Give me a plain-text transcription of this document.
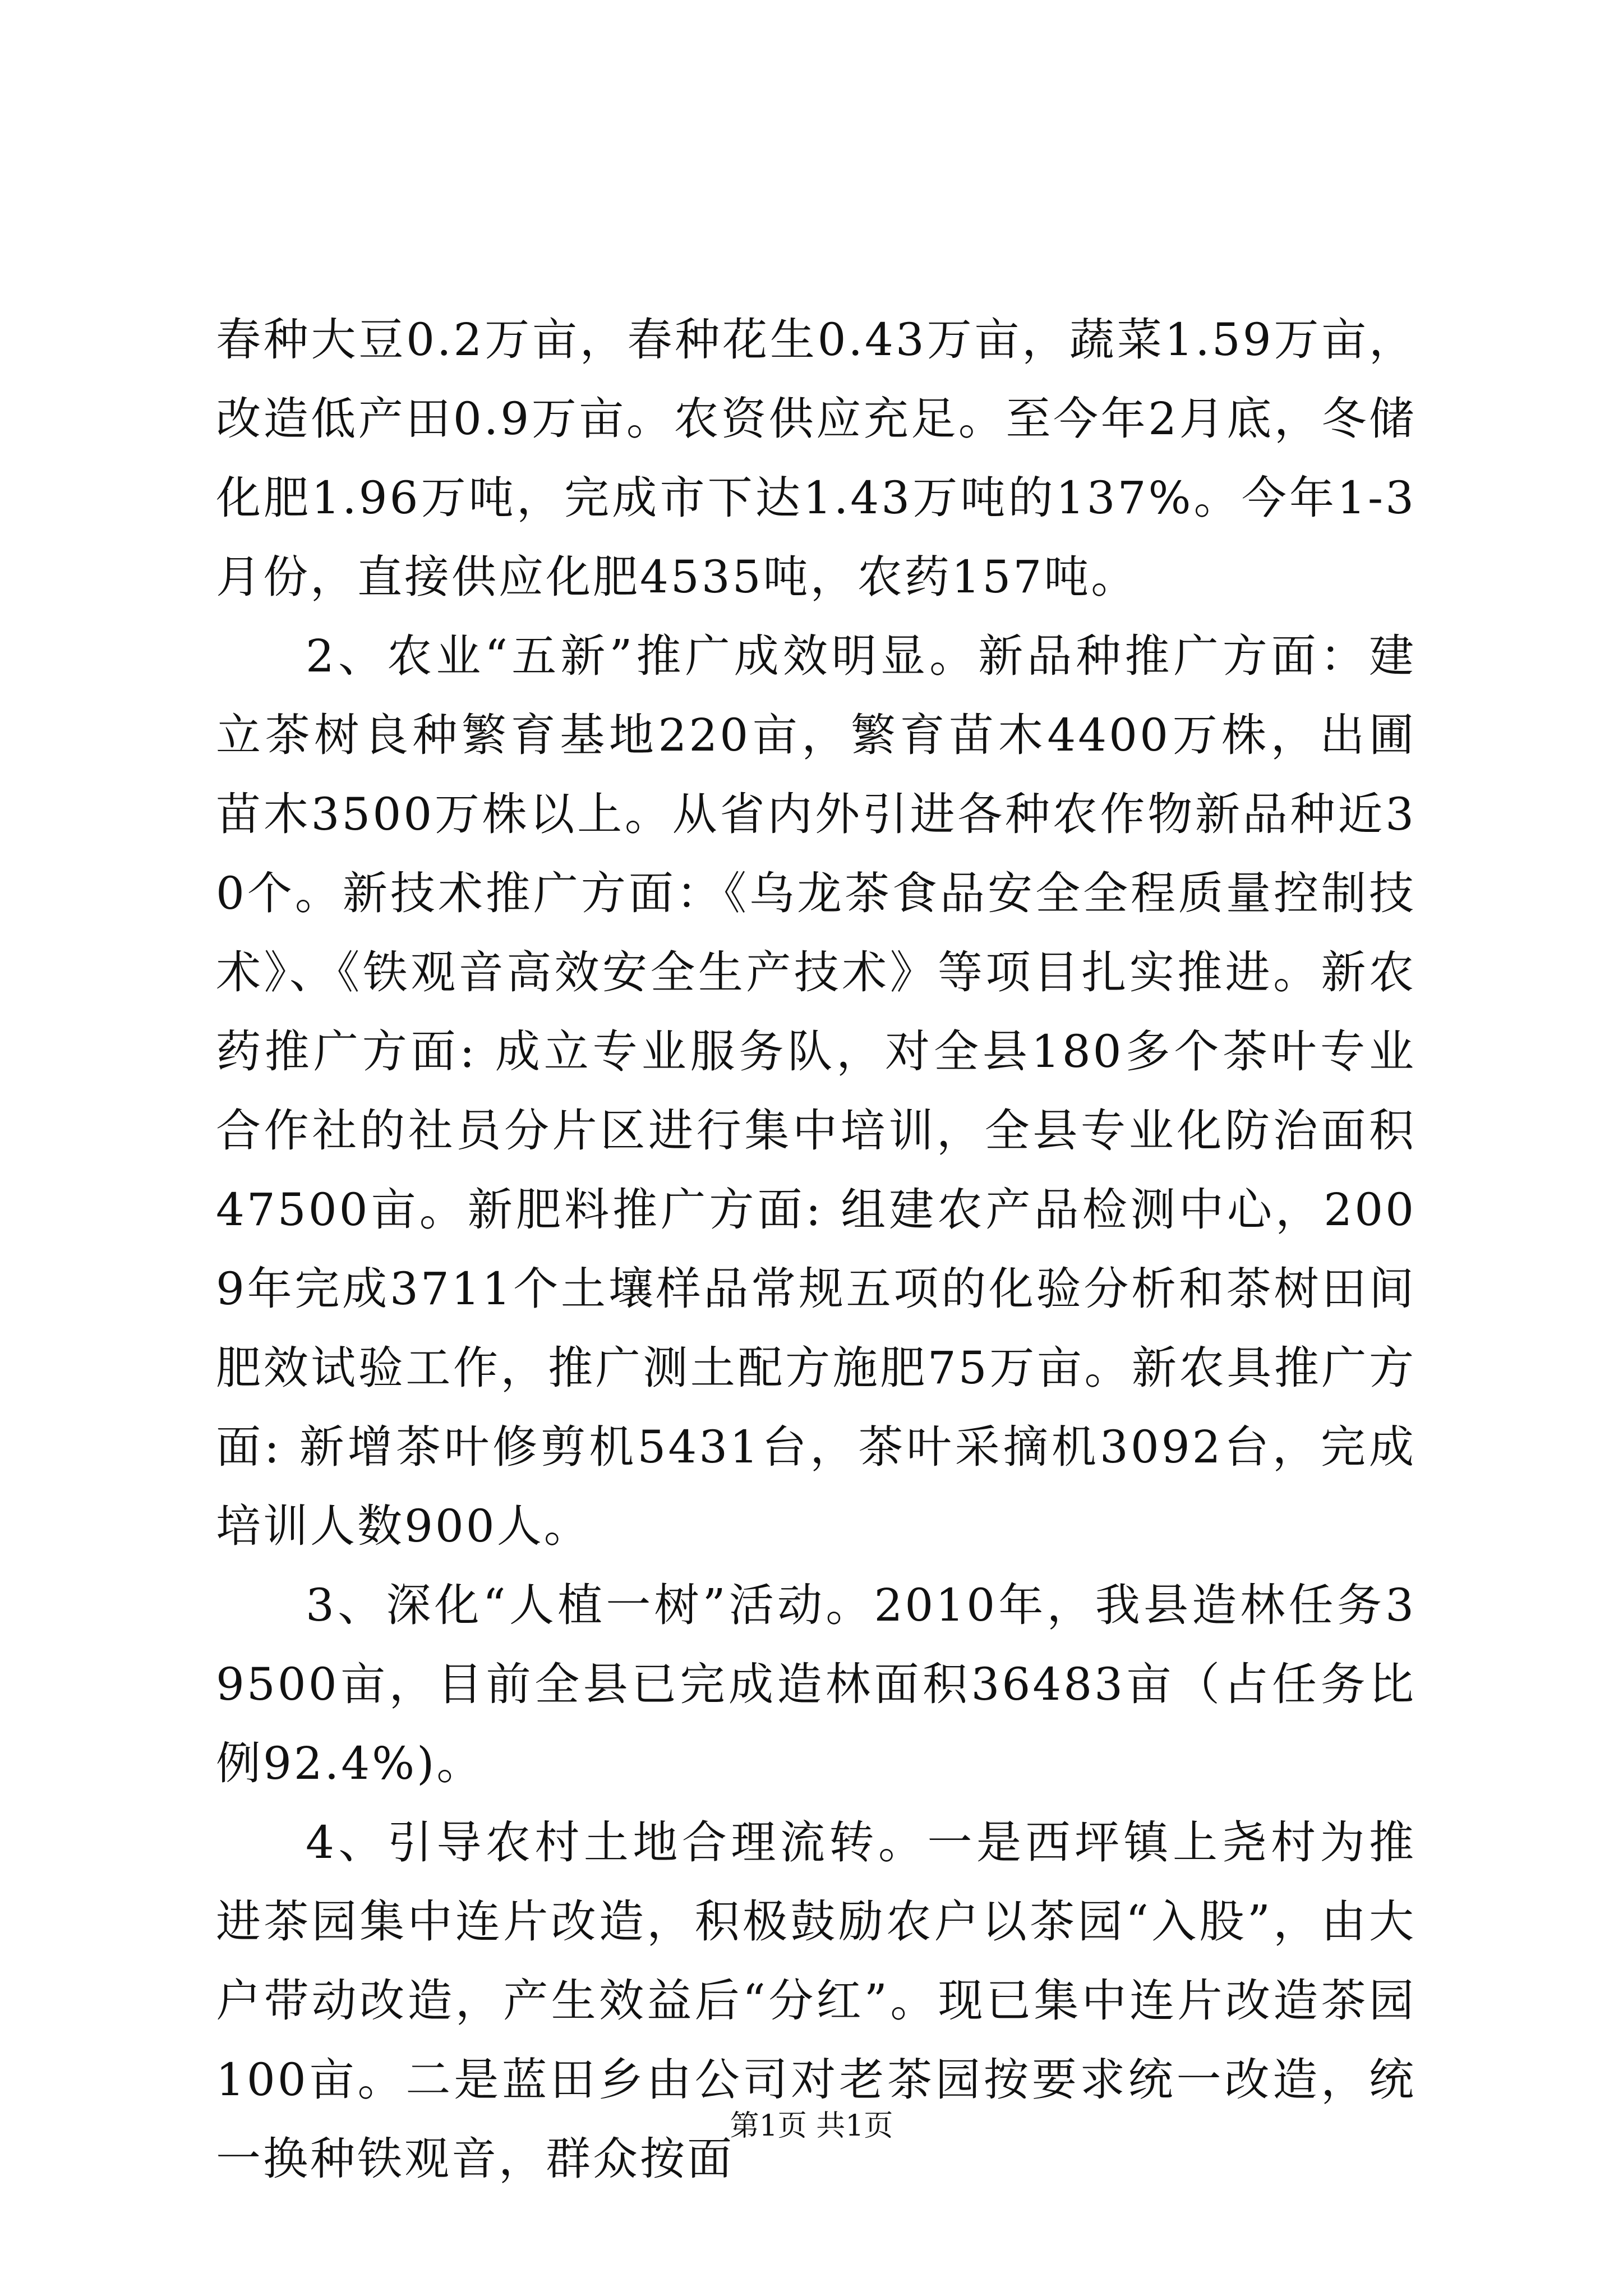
春种大豆0.2万亩，春种花生0.43万亩，蔬菜1.59万亩，改造低产田0.9万亩。农资供应充足。至今年2月底，冬储化肥1.96万吨，完成市下达1.43万吨的137%。今年1-3月份，直接供应化肥4535吨，农药157吨。

2、农业“五新”推广成效明显。新品种推广方面：建立茶树良种繁育基地220亩，繁育苗木4400万株，出圃苗木3500万株以上。从省内外引进各种农作物新品种近30个。新技术推广方面：《乌龙茶食品安全全程质量控制技术》、《铁观音高效安全生产技术》等项目扎实推进。新农药推广方面: 成立专业服务队，对全县180多个茶叶专业合作社的社员分片区进行集中培训，全县专业化防治面积47500亩。新肥料推广方面: 组建农产品检测中心，2009年完成3711个土壤样品常规五项的化验分析和茶树田间肥效试验工作，推广测土配方施肥75万亩。新农具推广方面: 新增茶叶修剪机5431台，茶叶采摘机3092台，完成培训人数900人。

3、深化“人植一树”活动。2010年，我县造林任务39500亩，目前全县已完成造林面积36483亩（占任务比例92.4%)。

4、引导农村土地合理流转。一是西坪镇上尧村为推进茶园集中连片改造，积极鼓励农户以茶园“入股”，由大户带动改造，产生效益后“分红”。现已集中连片改造茶园100亩。二是蓝田乡由公司对老茶园按要求统一改造，统一换种铁观音，群众按面

第1页 共1页
